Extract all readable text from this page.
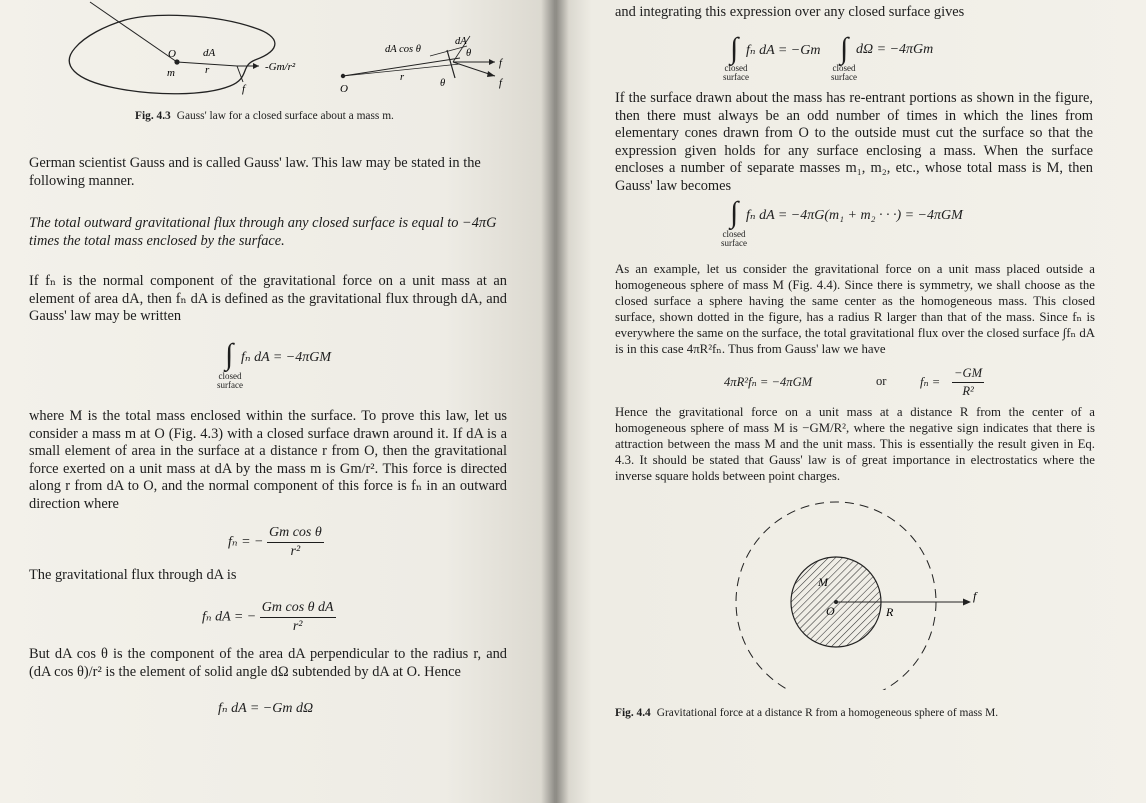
O
m	r
dA
-Gm/r²
f
dA cos θ
dA
θ
f
O
r
θ	f
Fig. 4.3 Gauss' law for a closed surface about a mass m.

German scientist Gauss and is called Gauss' law. This law may be stated in the following manner.

The total outward gravitational flux through any closed surface is equal to −4πG times the total mass enclosed by the surface.

If fₙ is the normal component of the gravitational force on a unit mass at an element of area dA, then fₙ dA is defined as the gravitational flux through dA, and Gauss' law may be written

∫ fₙ dA = −4πGM
closed
surface

where M is the total mass enclosed within the surface. To prove this law, let us consider a mass m at O (Fig. 4.3) with a closed surface drawn around it. If dA is a small element of area in the surface at a distance r from O, then the gravitational force exerted on a unit mass at dA by the mass m is Gm/r². This force is directed along r from dA to O, and the normal component of this force is fₙ in an outward direction where

fₙ = − $\frac{\text{Gm cos θ}}{\text{r²}}$

The gravitational flux through dA is

fₙ dA = − $\frac{\text{Gm cos θ dA}}{\text{r²}}$

But dA cos θ is the component of the area dA perpendicular to the radius r, and (dA cos θ)/r² is the element of solid angle dΩ subtended by dA at O. Hence

fₙ dA = −Gm dΩ

and integrating this expression over any closed surface gives

∫ fₙ dA = −Gm ∫ dΩ = −4πGm
closed
surface
closed
surface

If the surface drawn about the mass has re-entrant portions as shown in the figure, then there must always be an odd number of times in which the lines from elementary cones drawn from O to the outside must cut the surface so that the expression given holds for any surface enclosing a mass. When the surface encloses a number of separate masses m₁, m₂, etc., whose total mass is M, then Gauss' law becomes

∫ fₙ dA = −4πG(m₁ + m₂ · · ·) = −4πGM
closed
surface

As an example, let us consider the gravitational force on a unit mass placed outside a homogeneous sphere of mass M (Fig. 4.4). Since there is symmetry, we shall choose as the closed surface a sphere having the same center as the homogeneous mass. This closed surface, shown dotted in the figure, has a radius R larger than that of the mass. Since fₙ is everywhere the same on the surface, the total gravitational flux over the closed surface ∫fₙ dA is in this case 4πR²fₙ. Thus from Gauss' law we have

4πR²fₙ = −4πGM	or	$f_n = \frac{-GM}{\text{R²}}$

Hence the gravitational force on a unit mass at a distance R from the center of a homogeneous sphere of mass M is −GM/R², where the negative sign indicates that there is attraction between the mass M and the unit mass. This is essentially the result given in Eq. 4.3. It should be stated that Gauss' law is of great importance in electrostatics where the inverse square holds between point charges.

M
O	R
f
Fig. 4.4 Gravitational force at a distance R from a homogeneous sphere of mass M.
